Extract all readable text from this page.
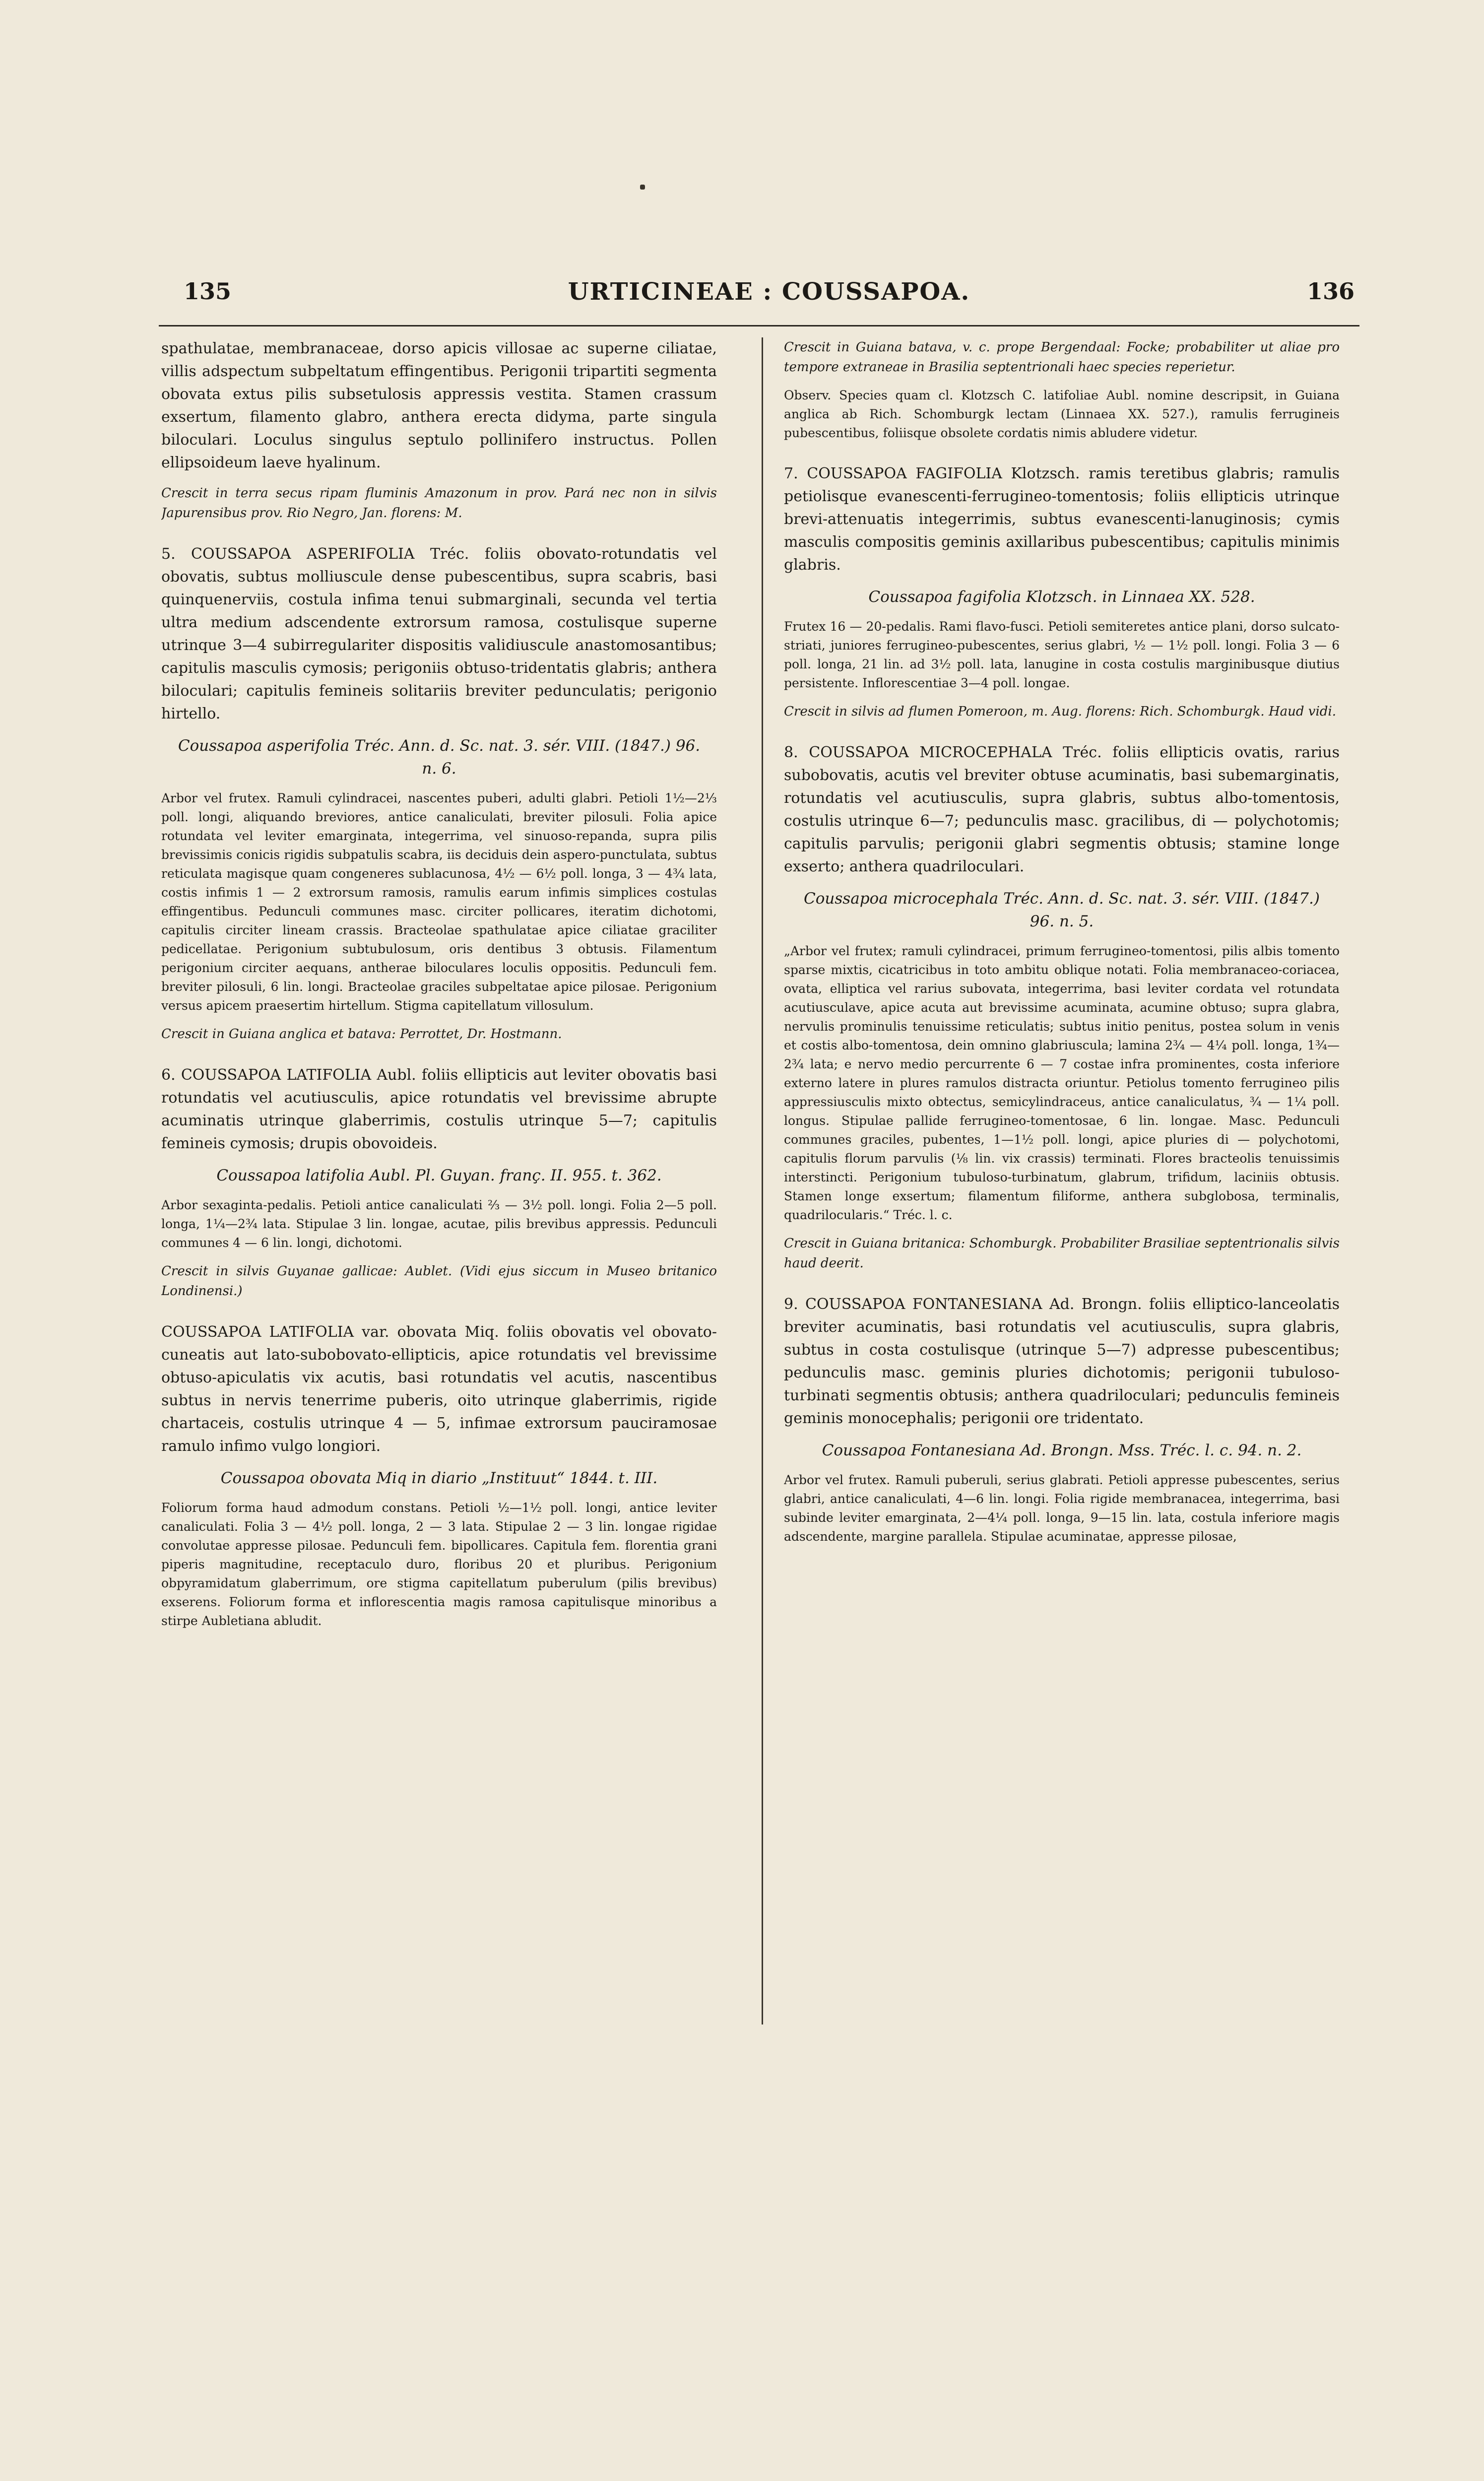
135	URTICINEAE : COUSSAPOA.	136

spathulatae, membranaceae, dorso apicis villosae ac superne ciliatae, villis adspectum subpeltatum effingentibus. Perigonii tripartiti segmenta obovata extus pilis subsetulosis appressis vestita. Stamen crassum exsertum, filamento glabro, anthera erecta didyma, parte singula biloculari. Loculus singulus septulo pollinifero instructus. Pollen ellipsoideum laeve hyalinum.

Crescit in terra secus ripam fluminis Amazonum in prov. Pará nec non in silvis Japurensibus prov. Rio Negro, Jan. florens: M.

5. COUSSAPOA ASPERIFOLIA Tréc. foliis obovato-rotundatis vel obovatis, subtus molliuscule dense pubescentibus, supra scabris, basi quinquenerviis, costula infima tenui submarginali, secunda vel tertia ultra medium adscendente extrorsum ramosa, costulisque superne utrinque 3—4 subirregulariter dispositis validiuscule anastomosantibus; capitulis masculis cymosis; perigoniis obtuso-tridentatis glabris; anthera biloculari; capitulis femineis solitariis breviter pedunculatis; perigonio hirtello.

Coussapoa asperifolia Tréc. Ann. d. Sc. nat. 3. sér. VIII. (1847.) 96. n. 6.

Arbor vel frutex. Ramuli cylindracei, nascentes puberi, adulti glabri. Petioli 1½—2⅓ poll. longi, aliquando breviores, antice canaliculati, breviter pilosuli. Folia apice rotundata vel leviter emarginata, integerrima, vel sinuoso-repanda, supra pilis brevissimis conicis rigidis subpatulis scabra, iis deciduis dein aspero-punctulata, subtus reticulata magisque quam congeneres sublacunosa, 4½ — 6½ poll. longa, 3 — 4¾ lata, costis infimis 1 — 2 extrorsum ramosis, ramulis earum infimis simplices costulas effingentibus. Pedunculi communes masc. circiter pollicares, iteratim dichotomi, capitulis circiter lineam crassis. Bracteolae spathulatae apice ciliatae graciliter pedicellatae. Perigonium subtubulosum, oris dentibus 3 obtusis. Filamentum perigonium circiter aequans, antherae biloculares loculis oppositis. Pedunculi fem. breviter pilosuli, 6 lin. longi. Bracteolae graciles subpeltatae apice pilosae. Perigonium versus apicem praesertim hirtellum. Stigma capitellatum villosulum.

Crescit in Guiana anglica et batava: Perrottet, Dr. Hostmann.

6. COUSSAPOA LATIFOLIA Aubl. foliis ellipticis aut leviter obovatis basi rotundatis vel acutiusculis, apice rotundatis vel brevissime abrupte acuminatis utrinque glaberrimis, costulis utrinque 5—7; capitulis femineis cymosis; drupis obovoideis.

Coussapoa latifolia Aubl. Pl. Guyan. franç. II. 955. t. 362.

Arbor sexaginta-pedalis. Petioli antice canaliculati ⅔ — 3½ poll. longi. Folia 2—5 poll. longa, 1¼—2¾ lata. Stipulae 3 lin. longae, acutae, pilis brevibus appressis. Pedunculi communes 4 — 6 lin. longi, dichotomi.

Crescit in silvis Guyanae gallicae: Aublet. (Vidi ejus siccum in Museo britanico Londinensi.)

COUSSAPOA LATIFOLIA var. obovata Miq. foliis obovatis vel obovato-cuneatis aut lato-subobovato-ellipticis, apice rotundatis vel brevissime obtuso-apiculatis vix acutis, basi rotundatis vel acutis, nascentibus subtus in nervis tenerrime puberis, oito utrinque glaberrimis, rigide chartaceis, costulis utrinque 4 — 5, infimae extrorsum pauciramosae ramulo infimo vulgo longiori.

Coussapoa obovata Miq in diario „Instituut“ 1844. t. III.

Foliorum forma haud admodum constans. Petioli ½—1½ poll. longi, antice leviter canaliculati. Folia 3 — 4½ poll. longa, 2 — 3 lata. Stipulae 2 — 3 lin. longae rigidae convolutae appresse pilosae. Pedunculi fem. bipollicares. Capitula fem. florentia grani piperis magnitudine, receptaculo duro, floribus 20 et pluribus. Perigonium obpyramidatum glaberrimum, ore stigma capitellatum puberulum (pilis brevibus) exserens. Foliorum forma et inflorescentia magis ramosa capitulisque minoribus a stirpe Aubletiana abludit.

Crescit in Guiana batava, v. c. prope Bergendaal: Focke; probabiliter ut aliae pro tempore extraneae in Brasilia septentrionali haec species reperietur.

Observ. Species quam cl. Klotzsch C. latifoliae Aubl. nomine descripsit, in Guiana anglica ab Rich. Schomburgk lectam (Linnaea XX. 527.), ramulis ferrugineis pubescentibus, foliisque obsolete cordatis nimis abludere videtur.

7. COUSSAPOA FAGIFOLIA Klotzsch. ramis teretibus glabris; ramulis petiolisque evanescenti-ferrugineo-tomentosis; foliis ellipticis utrinque brevi-attenuatis integerrimis, subtus evanescenti-lanuginosis; cymis masculis compositis geminis axillaribus pubescentibus; capitulis minimis glabris.

Coussapoa fagifolia Klotzsch. in Linnaea XX. 528.

Frutex 16 — 20-pedalis. Rami flavo-fusci. Petioli semiteretes antice plani, dorso sulcato-striati, juniores ferrugineo-pubescentes, serius glabri, ½ — 1½ poll. longi. Folia 3 — 6 poll. longa, 21 lin. ad 3½ poll. lata, lanugine in costa costulis marginibusque diutius persistente. Inflorescentiae 3—4 poll. longae.

Crescit in silvis ad flumen Pomeroon, m. Aug. florens: Rich. Schomburgk. Haud vidi.

8. COUSSAPOA MICROCEPHALA Tréc. foliis ellipticis ovatis, rarius subobovatis, acutis vel breviter obtuse acuminatis, basi subemarginatis, rotundatis vel acutiusculis, supra glabris, subtus albo-tomentosis, costulis utrinque 6—7; pedunculis masc. gracilibus, di — polychotomis; capitulis parvulis; perigonii glabri segmentis obtusis; stamine longe exserto; anthera quadriloculari.

Coussapoa microcephala Tréc. Ann. d. Sc. nat. 3. sér. VIII. (1847.) 96. n. 5.

„Arbor vel frutex; ramuli cylindracei, primum ferrugineo-tomentosi, pilis albis tomento sparse mixtis, cicatricibus in toto ambitu oblique notati. Folia membranaceo-coriacea, ovata, elliptica vel rarius subovata, integerrima, basi leviter cordata vel rotundata acutiusculave, apice acuta aut brevissime acuminata, acumine obtuso; supra glabra, nervulis prominulis tenuissime reticulatis; subtus initio penitus, postea solum in venis et costis albo-tomentosa, dein omnino glabriuscula; lamina 2¾ — 4¼ poll. longa, 1¾—2¾ lata; e nervo medio percurrente 6 — 7 costae infra prominentes, costa inferiore externo latere in plures ramulos distracta oriuntur. Petiolus tomento ferrugineo pilis appressiusculis mixto obtectus, semicylindraceus, antice canaliculatus, ¾ — 1¼ poll. longus. Stipulae pallide ferrugineo-tomentosae, 6 lin. longae. Masc. Pedunculi communes graciles, pubentes, 1—1½ poll. longi, apice pluries di — polychotomi, capitulis florum parvulis (⅛ lin. vix crassis) terminati. Flores bracteolis tenuissimis interstincti. Perigonium tubuloso-turbinatum, glabrum, trifidum, laciniis obtusis. Stamen longe exsertum; filamentum filiforme, anthera subglobosa, terminalis, quadrilocularis.“ Tréc. l. c.

Crescit in Guiana britanica: Schomburgk. Probabiliter Brasiliae septentrionalis silvis haud deerit.

9. COUSSAPOA FONTANESIANA Ad. Brongn. foliis elliptico-lanceolatis breviter acuminatis, basi rotundatis vel acutiusculis, supra glabris, subtus in costa costulisque (utrinque 5—7) adpresse pubescentibus; pedunculis masc. geminis pluries dichotomis; perigonii tubuloso-turbinati segmentis obtusis; anthera quadriloculari; pedunculis femineis geminis monocephalis; perigonii ore tridentato.

Coussapoa Fontanesiana Ad. Brongn. Mss. Tréc. l. c. 94. n. 2.

Arbor vel frutex. Ramuli puberuli, serius glabrati. Petioli appresse pubescentes, serius glabri, antice canaliculati, 4—6 lin. longi. Folia rigide membranacea, integerrima, basi subinde leviter emarginata, 2—4¼ poll. longa, 9—15 lin. lata, costula inferiore magis adscendente, margine parallela. Stipulae acuminatae, appresse pilosae,
